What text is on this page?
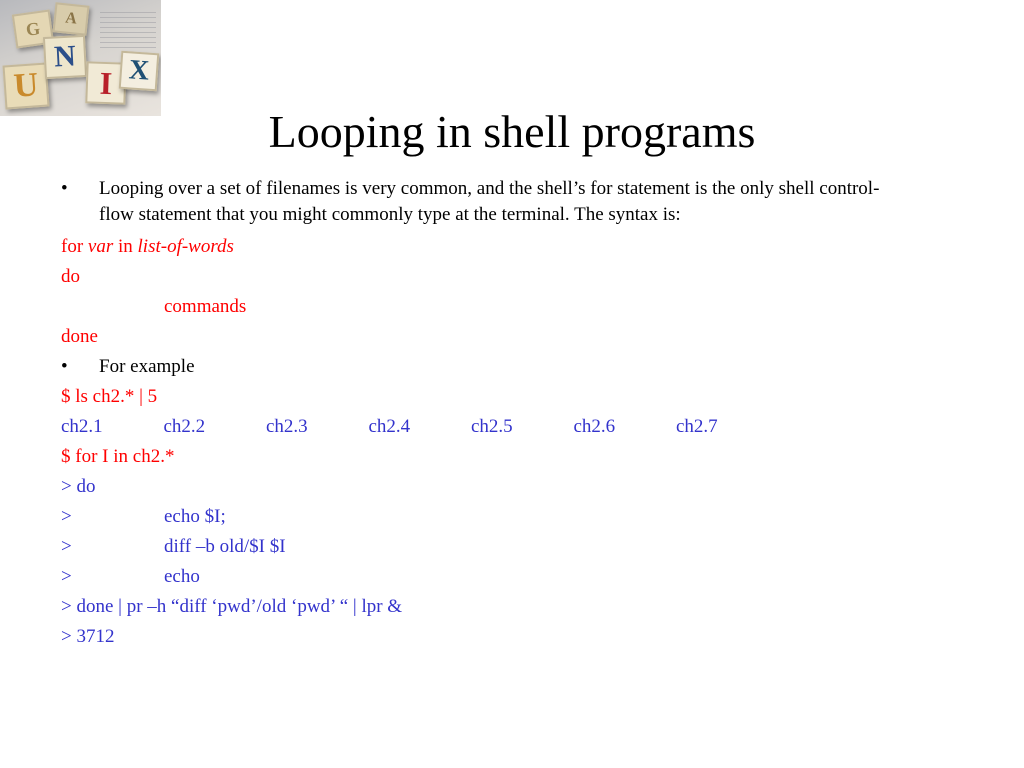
G	A
U
N
I X
Looping in shell programs
• Looping over a set of filenames is very common, and the shell’s for statement is the only shell control-flow statement that you might commonly type at the terminal. The syntax is:
for var in list-of-words
do
commands
done
• For example
$ ls ch2.* | 5
ch2.1	ch2.2	ch2.3	ch2.4	ch2.5	ch2.6	ch2.7
$ for I in ch2.*
> do
>	echo $I;
>	diff –b old/$I $I
>	echo
> done | pr –h “diff ‘pwd’/old ‘pwd’ “ | lpr &
> 3712
